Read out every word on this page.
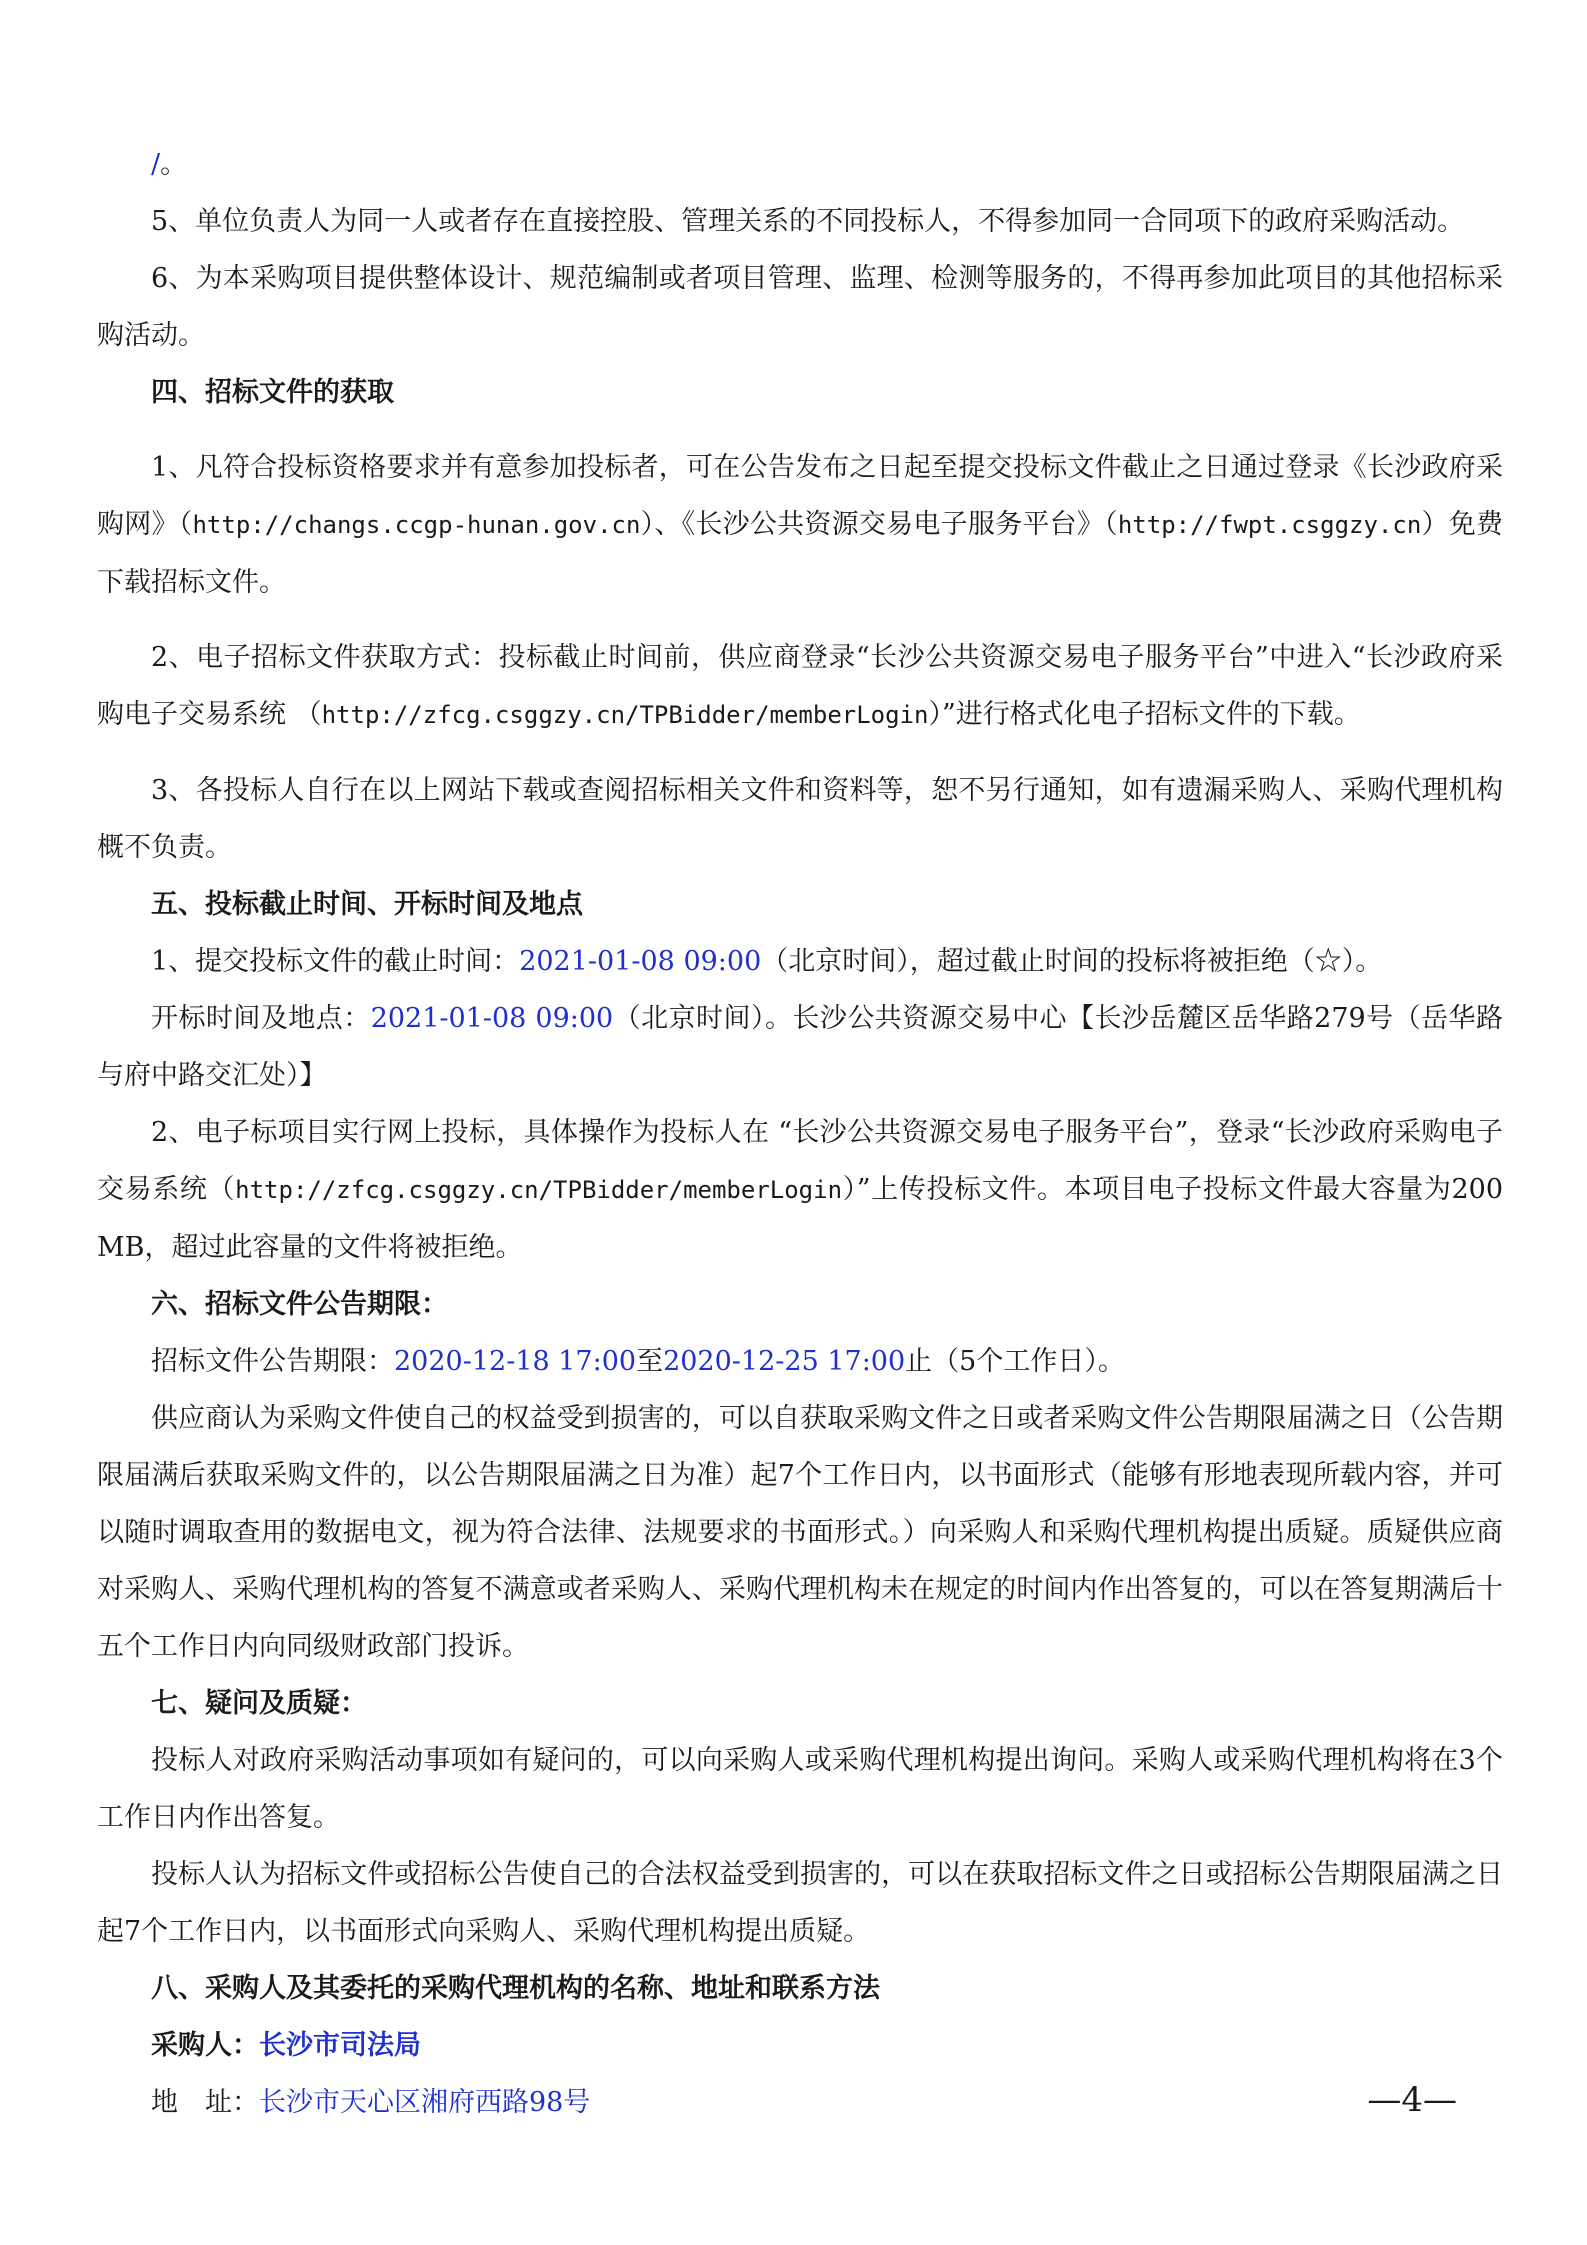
/。

5、单位负责人为同一人或者存在直接控股、管理关系的不同投标人，不得参加同一合同项下的政府采购活动。

6、为本采购项目提供整体设计、规范编制或者项目管理、监理、检测等服务的，不得再参加此项目的其他招标采购活动。

四、招标文件的获取

1、凡符合投标资格要求并有意参加投标者，可在公告发布之日起至提交投标文件截止之日通过登录《长沙政府采购网》（http://changs.ccgp-hunan.gov.cn）、《长沙公共资源交易电子服务平台》（http://fwpt.csggzy.cn）免费下载招标文件。

2、电子招标文件获取方式：投标截止时间前，供应商登录“长沙公共资源交易电子服务平台”中进入“长沙政府采购电子交易系统 （http://zfcg.csggzy.cn/TPBidder/memberLogin）”进行格式化电子招标文件的下载。

3、各投标人自行在以上网站下载或查阅招标相关文件和资料等，恕不另行通知，如有遗漏采购人、采购代理机构概不负责。

五、投标截止时间、开标时间及地点

1、提交投标文件的截止时间：2021-01-08 09:00（北京时间），超过截止时间的投标将被拒绝（☆）。

开标时间及地点：2021-01-08 09:00（北京时间）。长沙公共资源交易中心【长沙岳麓区岳华路279号（岳华路与府中路交汇处）】

2、电子标项目实行网上投标，具体操作为投标人在 “长沙公共资源交易电子服务平台”，登录“长沙政府采购电子交易系统（http://zfcg.csggzy.cn/TPBidder/memberLogin）”上传投标文件。本项目电子投标文件最大容量为200MB，超过此容量的文件将被拒绝。

六、招标文件公告期限：

招标文件公告期限：2020-12-18 17:00至2020-12-25 17:00止（5个工作日）。

供应商认为采购文件使自己的权益受到损害的，可以自获取采购文件之日或者采购文件公告期限届满之日（公告期限届满后获取采购文件的，以公告期限届满之日为准）起7个工作日内，以书面形式（能够有形地表现所载内容，并可以随时调取查用的数据电文，视为符合法律、法规要求的书面形式。）向采购人和采购代理机构提出质疑。质疑供应商对采购人、采购代理机构的答复不满意或者采购人、采购代理机构未在规定的时间内作出答复的，可以在答复期满后十五个工作日内向同级财政部门投诉。

七、疑问及质疑：

投标人对政府采购活动事项如有疑问的，可以向采购人或采购代理机构提出询问。采购人或采购代理机构将在3个工作日内作出答复。

投标人认为招标文件或招标公告使自己的合法权益受到损害的，可以在获取招标文件之日或招标公告期限届满之日起7个工作日内，以书面形式向采购人、采购代理机构提出质疑。

八、采购人及其委托的采购代理机构的名称、地址和联系方法

采购人：长沙市司法局

地　址：长沙市天心区湘府西路98号	—4—
